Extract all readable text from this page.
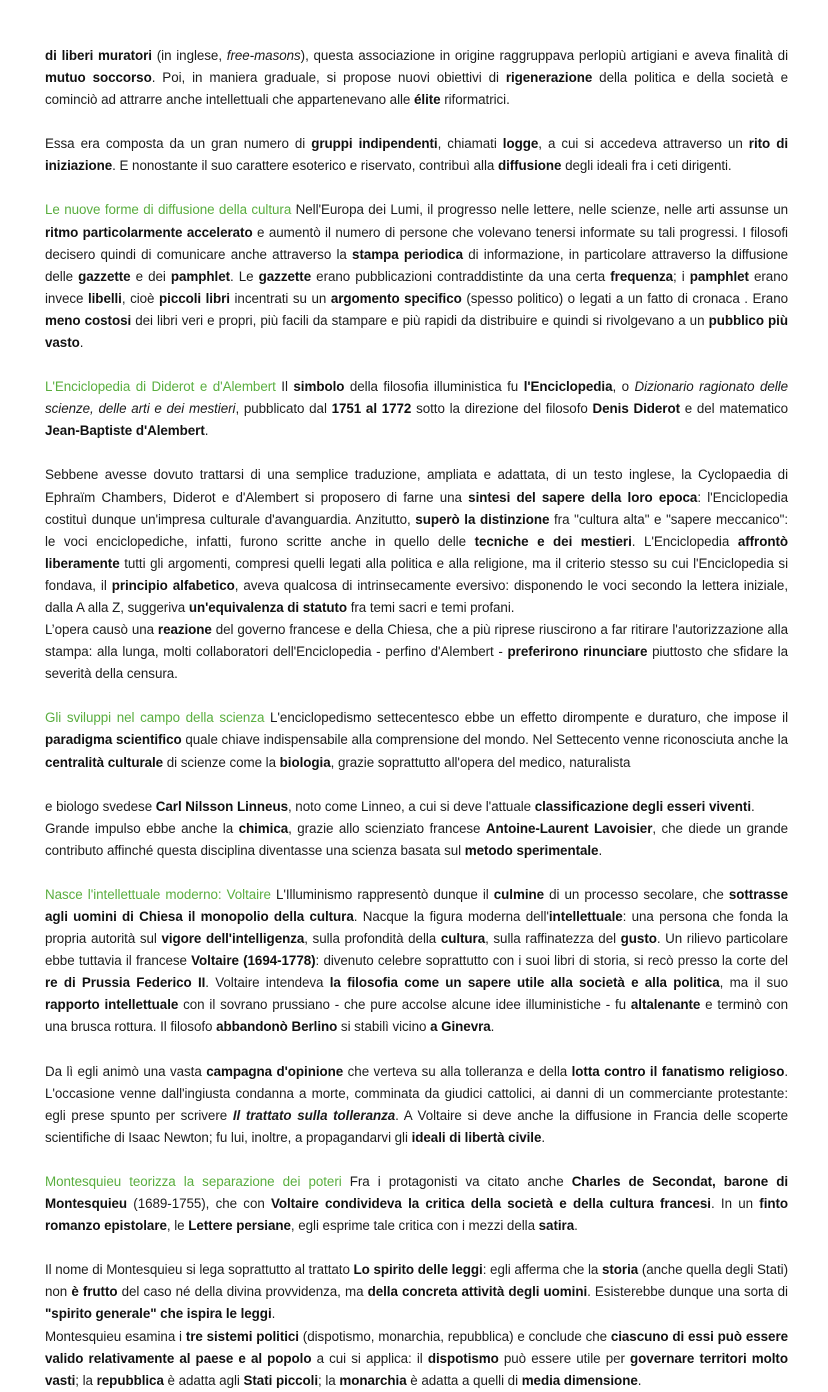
di liberi muratori (in inglese, free-masons), questa associazione in origine raggruppava perlopiù artigiani e aveva finalità di mutuo soccorso. Poi, in maniera graduale, si propose nuovi obiettivi di rigenerazione della politica e della società e cominciò ad attrarre anche intellettuali che appartenevano alle élite riformatrici.
Essa era composta da un gran numero di gruppi indipendenti, chiamati logge, a cui si accedeva attraverso un rito di iniziazione. E nonostante il suo carattere esoterico e riservato, contribuì alla diffusione degli ideali fra i ceti dirigenti.
Le nuove forme di diffusione della cultura Nell'Europa dei Lumi, il progresso nelle lettere, nelle scienze, nelle arti assunse un ritmo particolarmente accelerato e aumentò il numero di persone che volevano tenersi informate su tali progressi. I filosofi decisero quindi di comunicare anche attraverso la stampa periodica di informazione, in particolare attraverso la diffusione delle gazzette e dei pamphlet. Le gazzette erano pubblicazioni contraddistinte da una certa frequenza; i pamphlet erano invece libelli, cioè piccoli libri incentrati su un argomento specifico (spesso politico) o legati a un fatto di cronaca . Erano meno costosi dei libri veri e propri, più facili da stampare e più rapidi da distribuire e quindi si rivolgevano a un pubblico più vasto.
L'Enciclopedia di Diderot e d'Alembert Il simbolo della filosofia illuministica fu l'Enciclopedia, o Dizionario ragionato delle scienze, delle arti e dei mestieri, pubblicato dal 1751 al 1772 sotto la direzione del filosofo Denis Diderot e del matematico Jean-Baptiste d'Alembert.
Sebbene avesse dovuto trattarsi di una semplice traduzione, ampliata e adattata, di un testo inglese, la Cyclopaedia di Ephraïm Chambers, Diderot e d'Alembert si proposero di farne una sintesi del sapere della loro epoca: l'Enciclopedia costituì dunque un'impresa culturale d'avanguardia. Anzitutto, superò la distinzione fra "cultura alta" e "sapere meccanico": le voci enciclopediche, infatti, furono scritte anche in quello delle tecniche e dei mestieri. L'Enciclopedia affrontò liberamente tutti gli argomenti, compresi quelli legati alla politica e alla religione, ma il criterio stesso su cui l'Enciclopedia si fondava, il principio alfabetico, aveva qualcosa di intrinsecamente eversivo: disponendo le voci secondo la lettera iniziale, dalla A alla Z, suggeriva un'equivalenza di statuto fra temi sacri e temi profani.
L’opera causò una reazione del governo francese e della Chiesa, che a più riprese riuscirono a far ritirare l'autorizzazione alla stampa: alla lunga, molti collaboratori dell'Enciclopedia - perfino d'Alembert - preferirono rinunciare piuttosto che sfidare la severità della censura.
Gli sviluppi nel campo della scienza L'enciclopedismo settecentesco ebbe un effetto dirompente e duraturo, che impose il paradigma scientifico quale chiave indispensabile alla comprensione del mondo. Nel Settecento venne riconosciuta anche la centralità culturale di scienze come la biologia, grazie soprattutto all'opera del medico, naturalista
e biologo svedese Carl Nilsson Linneus, noto come Linneo, a cui si deve l'attuale classificazione degli esseri viventi.
Grande impulso ebbe anche la chimica, grazie allo scienziato francese Antoine-Laurent Lavoisier, che diede un grande contributo affinché questa disciplina diventasse una scienza basata sul metodo sperimentale.
Nasce l'intellettuale moderno: Voltaire L'Illuminismo rappresentò dunque il culmine di un processo secolare, che sottrasse agli uomini di Chiesa il monopolio della cultura. Nacque la figura moderna dell'intellettuale: una persona che fonda la propria autorità sul vigore dell'intelligenza, sulla profondità della cultura, sulla raffinatezza del gusto. Un rilievo particolare ebbe tuttavia il francese Voltaire (1694-1778): divenuto celebre soprattutto con i suoi libri di storia, si recò presso la corte del re di Prussia Federico II. Voltaire intendeva la filosofia come un sapere utile alla società e alla politica, ma il suo rapporto intellettuale con il sovrano prussiano - che pure accolse alcune idee illuministiche - fu altalenante e terminò con una brusca rottura. Il filosofo abbandonò Berlino si stabilì vicino a Ginevra.
Da lì egli animò una vasta campagna d'opinione che verteva su alla tolleranza e della lotta contro il fanatismo religioso. L'occasione venne dall'ingiusta condanna a morte, comminata da giudici cattolici, ai danni di un commerciante protestante: egli prese spunto per scrivere Il trattato sulla tolleranza. A Voltaire si deve anche la diffusione in Francia delle scoperte scientifiche di Isaac Newton; fu lui, inoltre, a propagandarvi gli ideali di libertà civile.
Montesquieu teorizza la separazione dei poteri Fra i protagonisti va citato anche Charles de Secondat, barone di Montesquieu (1689-1755), che con Voltaire condivideva la critica della società e della cultura francesi. In un finto romanzo epistolare, le Lettere persiane, egli esprime tale critica con i mezzi della satira.
Il nome di Montesquieu si lega soprattutto al trattato Lo spirito delle leggi: egli afferma che la storia (anche quella degli Stati) non è frutto del caso né della divina provvidenza, ma della concreta attività degli uomini. Esisterebbe dunque una sorta di "spirito generale" che ispira le leggi.
Montesquieu esamina i tre sistemi politici (dispotismo, monarchia, repubblica) e conclude che ciascuno di essi può essere valido relativamente al paese e al popolo a cui si applica: il dispotismo può essere utile per governare territori molto vasti; la repubblica è adatta agli Stati piccoli; la monarchia è adatta a quelli di media dimensione.
